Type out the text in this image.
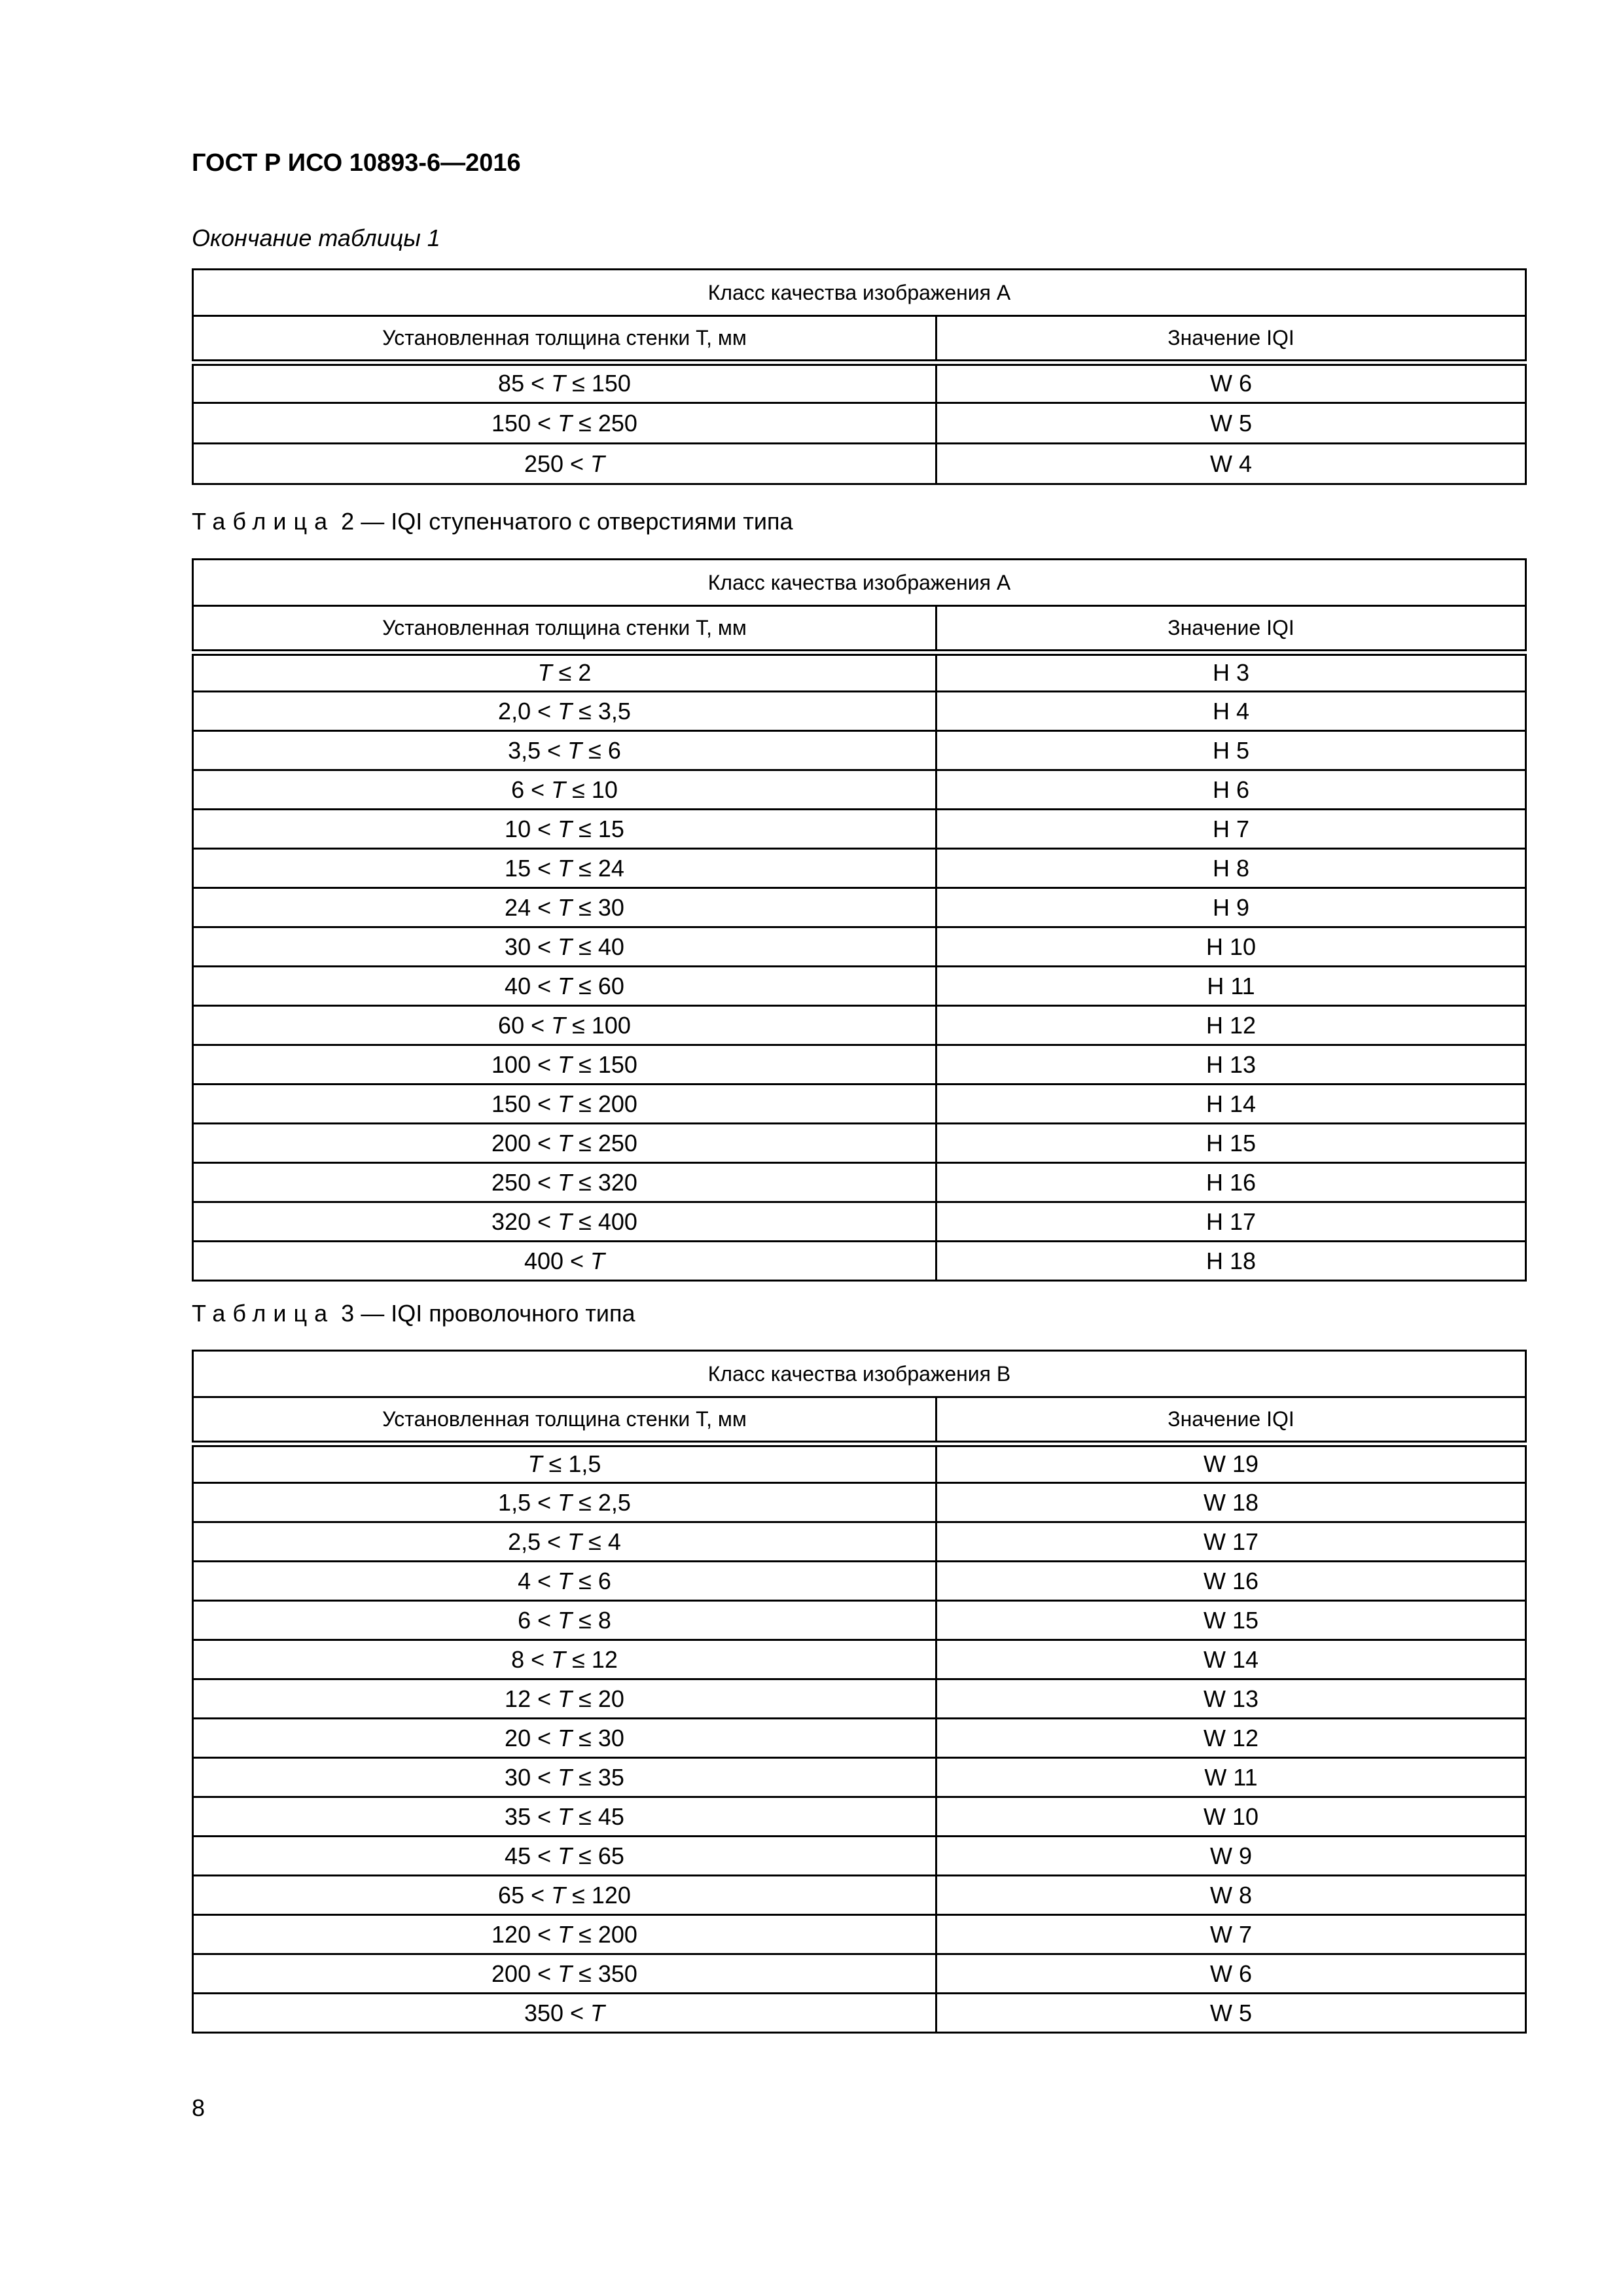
ГОСТ Р ИСО 10893-6—2016
Окончание таблицы 1
Класс качества изображения A	
Установленная толщина стенки T, мм	Значение IQI
85 < T ≤ 150	W 6
150 < T ≤ 250	W 5
250 < T	W 4
Таблица 2 — IQI ступенчатого с отверстиями типа
Класс качества изображения A	
Установленная толщина стенки T, мм	Значение IQI
T ≤ 2	H 3
2,0 < T ≤ 3,5	H 4
3,5 < T ≤ 6	H 5
6 < T ≤ 10	H 6
10 < T ≤ 15	H 7
15 < T ≤ 24	H 8
24 < T ≤ 30	H 9
30 < T ≤ 40	H 10
40 < T ≤ 60	H 11
60 < T ≤ 100	H 12
100 < T ≤ 150	H 13
150 < T ≤ 200	H 14
200 < T ≤ 250	H 15
250 < T ≤ 320	H 16
320 < T ≤ 400	H 17
400 < T	H 18
Таблица 3 — IQI проволочного типа
Класс качества изображения B	
Установленная толщина стенки T, мм	Значение IQI
T ≤ 1,5	W 19
1,5 < T ≤ 2,5	W 18
2,5 < T ≤ 4	W 17
4 < T ≤ 6	W 16
6 < T ≤ 8	W 15
8 < T ≤ 12	W 14
12 < T ≤ 20	W 13
20 < T ≤ 30	W 12
30 < T ≤ 35	W 11
35 < T ≤ 45	W 10
45 < T ≤ 65	W 9
65 < T ≤ 120	W 8
120 < T ≤ 200	W 7
200 < T ≤ 350	W 6
350 < T	W 5
8
